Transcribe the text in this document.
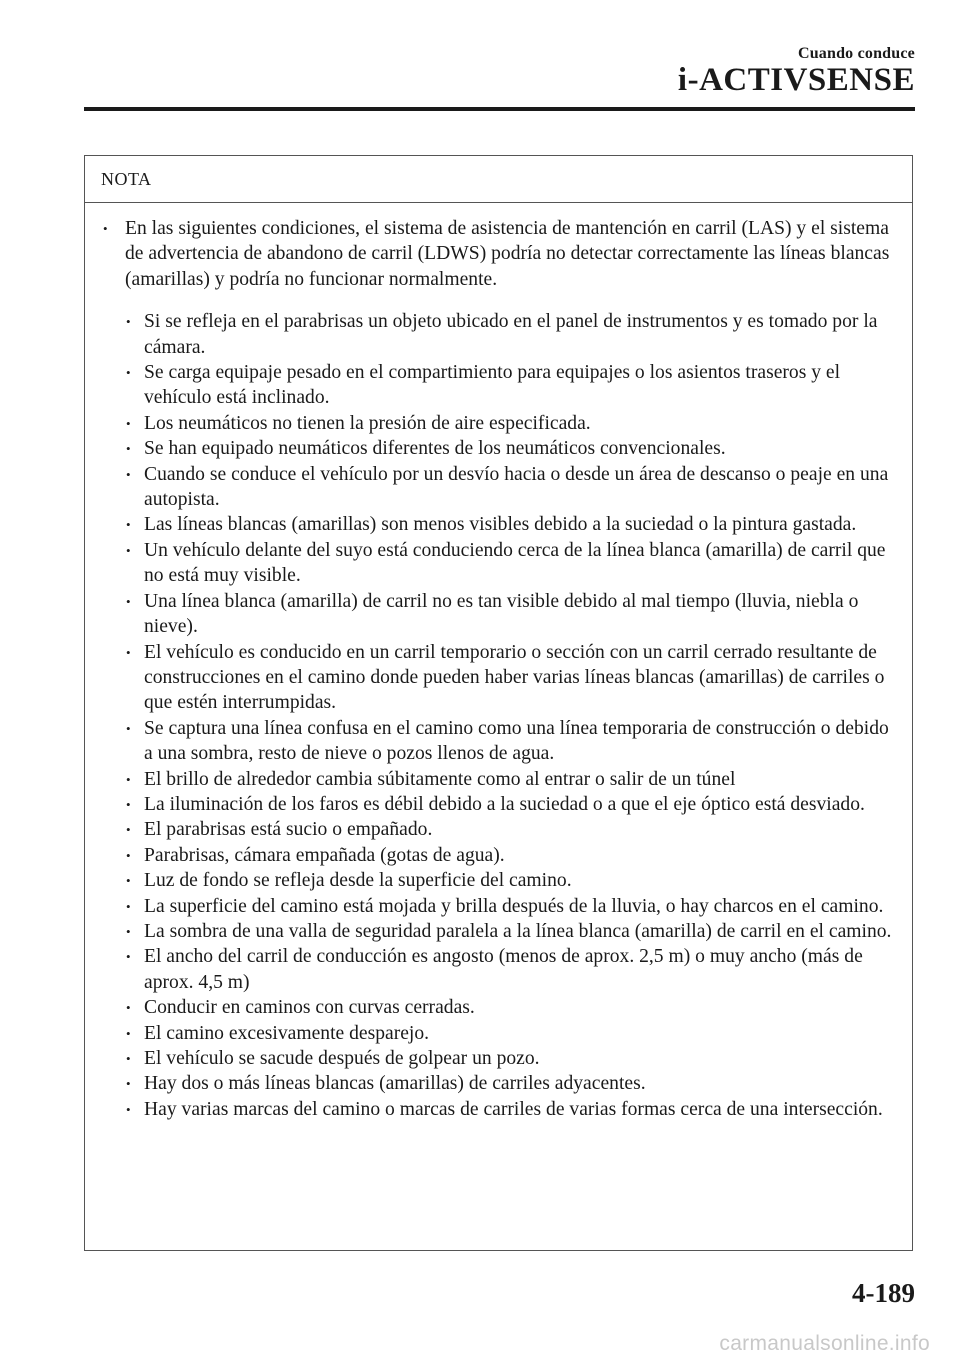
Cuando conduce
i-ACTIVSENSE
NOTA
• En las siguientes condiciones, el sistema de asistencia de mantención en carril (LAS) y el sistema de advertencia de abandono de carril (LDWS) podría no detectar correctamente las líneas blancas (amarillas) y podría no funcionar normalmente.
• Si se refleja en el parabrisas un objeto ubicado en el panel de instrumentos y es tomado por la cámara.
• Se carga equipaje pesado en el compartimiento para equipajes o los asientos traseros y el vehículo está inclinado.
• Los neumáticos no tienen la presión de aire especificada.
• Se han equipado neumáticos diferentes de los neumáticos convencionales.
• Cuando se conduce el vehículo por un desvío hacia o desde un área de descanso o peaje en una autopista.
• Las líneas blancas (amarillas) son menos visibles debido a la suciedad o la pintura gastada.
• Un vehículo delante del suyo está conduciendo cerca de la línea blanca (amarilla) de carril que no está muy visible.
• Una línea blanca (amarilla) de carril no es tan visible debido al mal tiempo (lluvia, niebla o nieve).
• El vehículo es conducido en un carril temporario o sección con un carril cerrado resultante de construcciones en el camino donde pueden haber varias líneas blancas (amarillas) de carriles o que estén interrumpidas.
• Se captura una línea confusa en el camino como una línea temporaria de construcción o debido a una sombra, resto de nieve o pozos llenos de agua.
• El brillo de alrededor cambia súbitamente como al entrar o salir de un túnel
• La iluminación de los faros es débil debido a la suciedad o a que el eje óptico está desviado.
• El parabrisas está sucio o empañado.
• Parabrisas, cámara empañada (gotas de agua).
• Luz de fondo se refleja desde la superficie del camino.
• La superficie del camino está mojada y brilla después de la lluvia, o hay charcos en el camino.
• La sombra de una valla de seguridad paralela a la línea blanca (amarilla) de carril en el camino.
• El ancho del carril de conducción es angosto (menos de aprox. 2,5 m) o muy ancho (más de aprox. 4,5 m)
• Conducir en caminos con curvas cerradas.
• El camino excesivamente desparejo.
• El vehículo se sacude después de golpear un pozo.
• Hay dos o más líneas blancas (amarillas) de carriles adyacentes.
• Hay varias marcas del camino o marcas de carriles de varias formas cerca de una intersección.
4-189
carmanualsonline.info
